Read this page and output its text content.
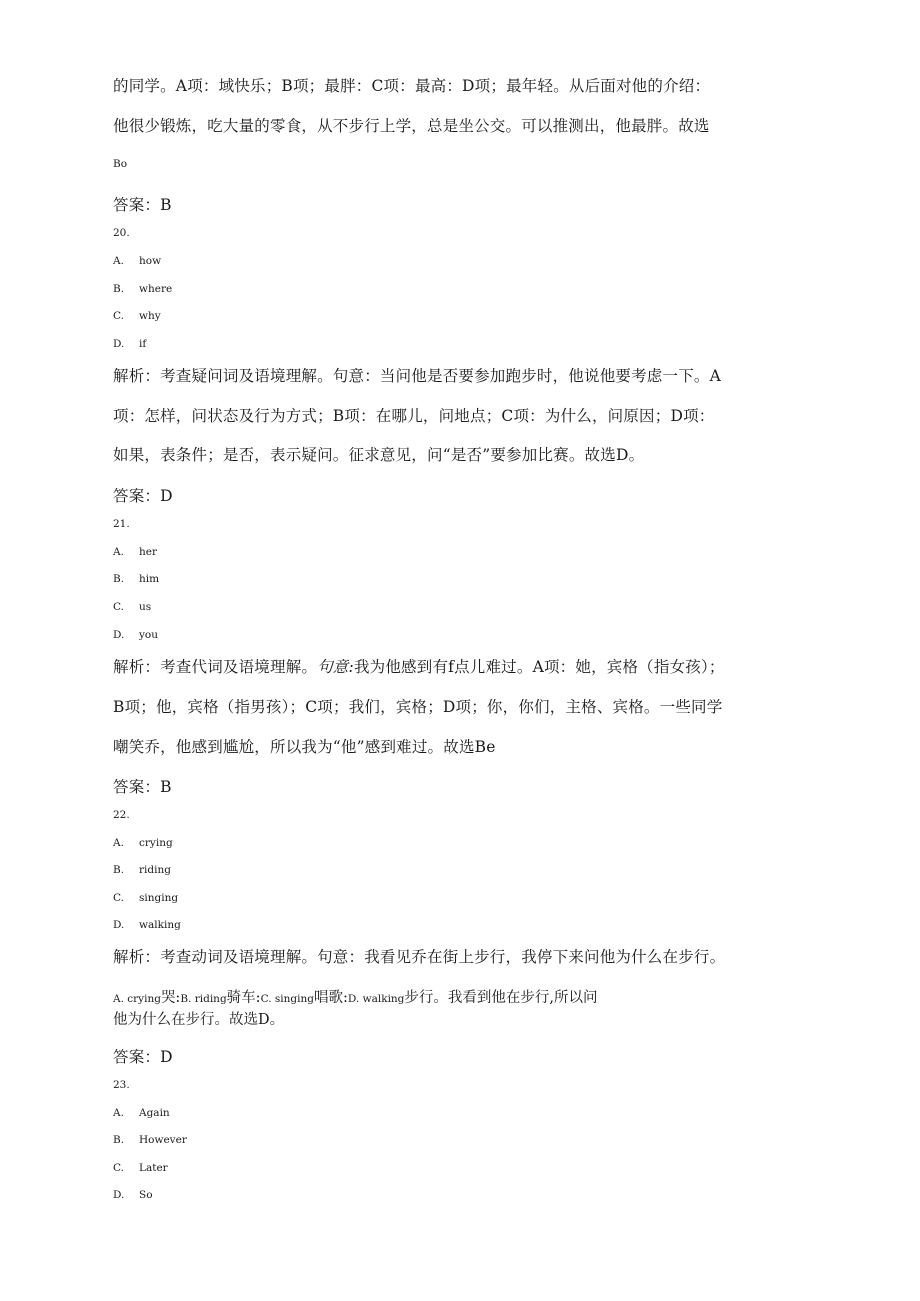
的同学。A项：域快乐；B项；最胖：C项：最高：D项；最年轻。从后面对他的介绍：
他很少锻炼，吃大量的零食，从不步行上学，总是坐公交。可以推测出，他最胖。故选
Bo
答案：B
20.
A. how
B. where
C. why
D. if
解析：考查疑问词及语境理解。句意：当问他是否要参加跑步时，他说他要考虑一下。A
项：怎样，问状态及行为方式；B项：在哪儿，问地点；C项：为什么，问原因；D项：
如果，表条件；是否，表示疑问。征求意见，问“是否”要参加比赛。故选D。
答案：D
21.
A. her
B. him
C. us
D. you
解析：考查代词及语境理解。句意:我为他感到有f点儿难过。A项：她，宾格（指女孩）；
B项；他，宾格（指男孩）；C项；我们，宾格；D项；你，你们，主格、宾格。一些同学
嘲笑乔，他感到尴尬，所以我为“他”感到难过。故选Be
答案：B
22.
A. crying
B. riding
C. singing
D. walking
解析：考查动词及语境理解。句意：我看见乔在街上步行，我停下来问他为什么在步行。
A. crying哭:B. riding骑车:C. singing唱歌:D. walking步行。我看到他在步行,所以问
他为什么在步行。故选D。
答案：D
23.
A. Again
B. However
C. Later
D. So
